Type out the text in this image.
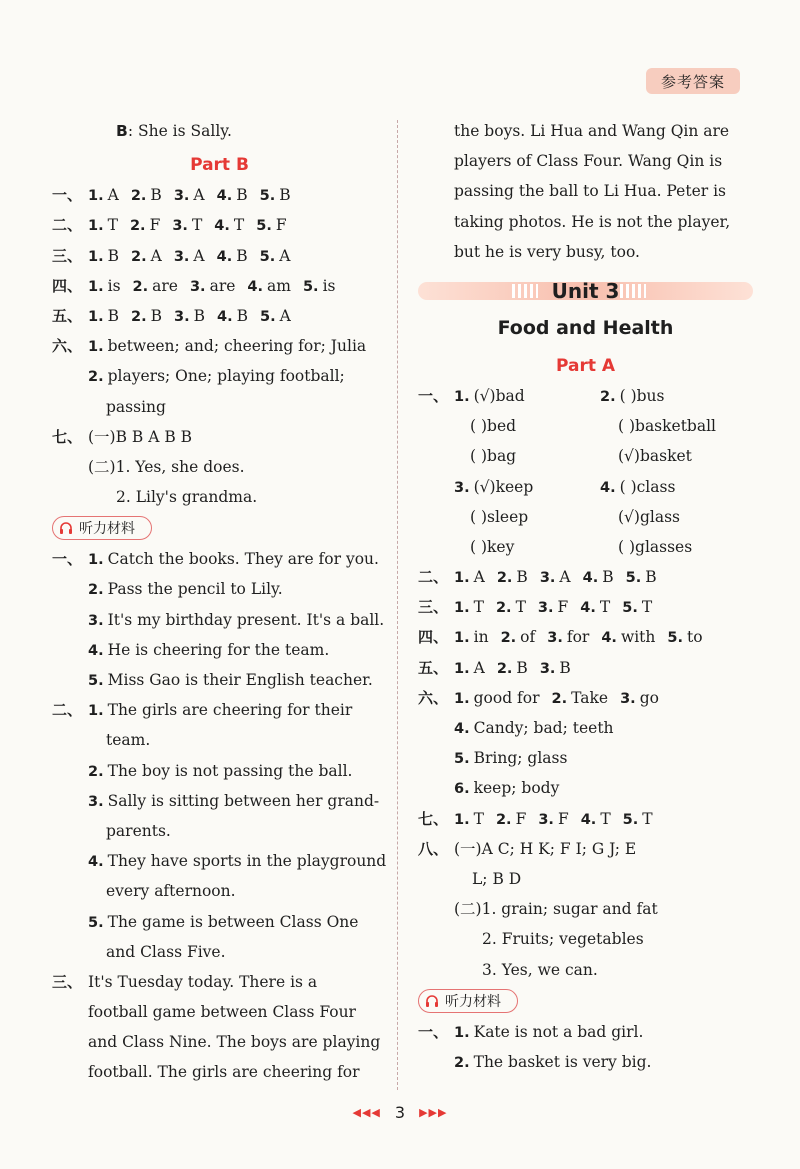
参考答案
B: She is Sally.
Part B
一、 1. A 2. B 3. A 4. B 5. B
二、 1. T 2. F 3. T 4. T 5. F
三、 1. B 2. A 3. A 4. B 5. A
四、 1. is 2. are 3. are 4. am 5. is
五、 1. B 2. B 3. B 4. B 5. A
六、 1. between; and; cheering for; Julia
2. players; One; playing football;
passing
七、 (一)B B A B B
(二)1. Yes, she does.
2. Lily's grandma.
听力材料
一、 1. Catch the books. They are for you.
2. Pass the pencil to Lily.
3. It's my birthday present. It's a ball.
4. He is cheering for the team.
5. Miss Gao is their English teacher.
二、 1. The girls are cheering for their
team.
2. The boy is not passing the ball.
3. Sally is sitting between her grand-
parents.
4. They have sports in the playground
every afternoon.
5. The game is between Class One
and Class Five.
三、 It's Tuesday today. There is a
football game between Class Four
and Class Nine. The boys are playing
football. The girls are cheering for
the boys. Li Hua and Wang Qin are
players of Class Four. Wang Qin is
passing the ball to Li Hua. Peter is
taking photos. He is not the player,
but he is very busy, too.
Unit 3
Food and Health
Part A
一、 1. (√)bad	2. ( )bus
( )bed	( )basketball
( )bag	(√)basket
3. (√)keep	4. ( )class
( )sleep	(√)glass
( )key	( )glasses
二、 1. A 2. B 3. A 4. B 5. B
三、 1. T 2. T 3. F 4. T 5. T
四、 1. in 2. of 3. for 4. with 5. to
五、 1. A 2. B 3. B
六、 1. good for 2. Take 3. go
4. Candy; bad; teeth
5. Bring; glass
6. keep; body
七、 1. T 2. F 3. F 4. T 5. T
八、 (一)A C; H K; F I; G J; E
L; B D
(二)1. grain; sugar and fat
2. Fruits; vegetables
3. Yes, we can.
听力材料
一、 1. Kate is not a bad girl.
2. The basket is very big.
◀◀◀ 3 ▶▶▶
